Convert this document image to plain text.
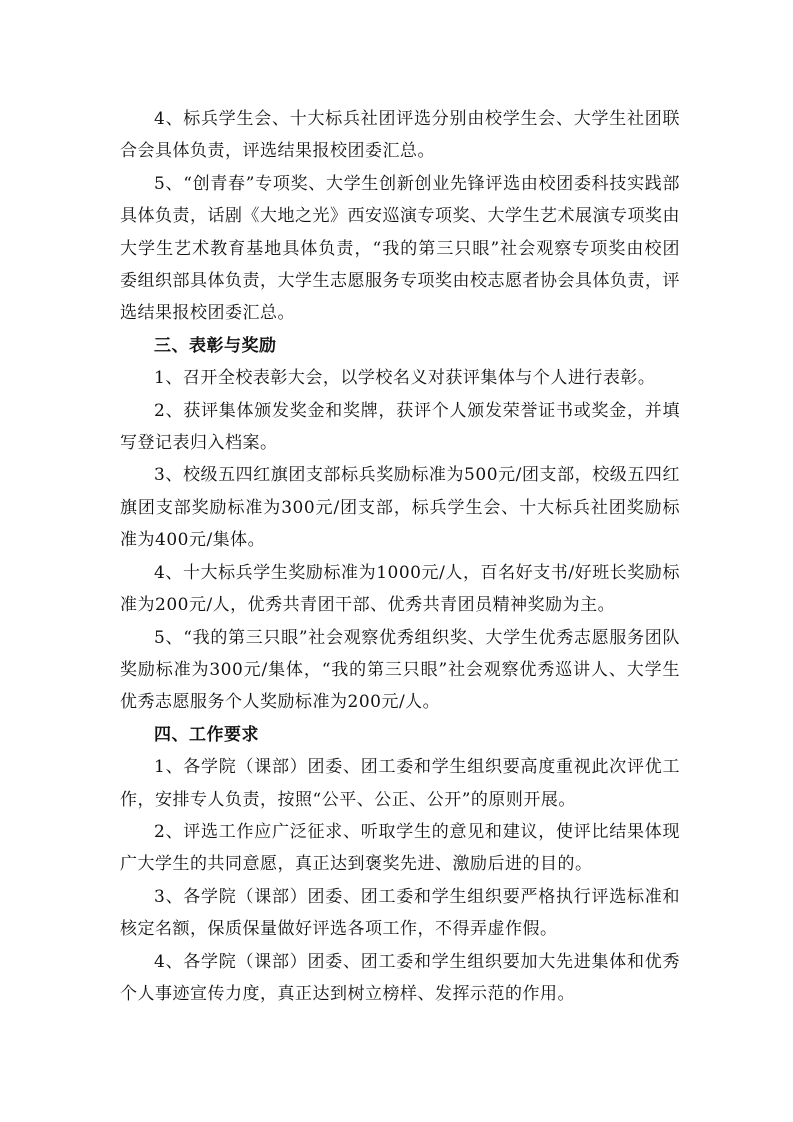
4、标兵学生会、十大标兵社团评选分别由校学生会、大学生社团联合会具体负责，评选结果报校团委汇总。

5、“创青春”专项奖、大学生创新创业先锋评选由校团委科技实践部具体负责，话剧《大地之光》西安巡演专项奖、大学生艺术展演专项奖由大学生艺术教育基地具体负责，“我的第三只眼”社会观察专项奖由校团委组织部具体负责，大学生志愿服务专项奖由校志愿者协会具体负责，评选结果报校团委汇总。

三、表彰与奖励

1、召开全校表彰大会，以学校名义对获评集体与个人进行表彰。

2、获评集体颁发奖金和奖牌，获评个人颁发荣誉证书或奖金，并填写登记表归入档案。

3、校级五四红旗团支部标兵奖励标准为500元/团支部，校级五四红旗团支部奖励标准为300元/团支部，标兵学生会、十大标兵社团奖励标准为400元/集体。

4、十大标兵学生奖励标准为1000元/人，百名好支书/好班长奖励标准为200元/人，优秀共青团干部、优秀共青团员精神奖励为主。

5、“我的第三只眼”社会观察优秀组织奖、大学生优秀志愿服务团队奖励标准为300元/集体，“我的第三只眼”社会观察优秀巡讲人、大学生优秀志愿服务个人奖励标准为200元/人。

四、工作要求

1、各学院（课部）团委、团工委和学生组织要高度重视此次评优工作，安排专人负责，按照“公平、公正、公开”的原则开展。

2、评选工作应广泛征求、听取学生的意见和建议，使评比结果体现广大学生的共同意愿，真正达到褒奖先进、激励后进的目的。

3、各学院（课部）团委、团工委和学生组织要严格执行评选标准和核定名额，保质保量做好评选各项工作，不得弄虚作假。

4、各学院（课部）团委、团工委和学生组织要加大先进集体和优秀个人事迹宣传力度，真正达到树立榜样、发挥示范的作用。
